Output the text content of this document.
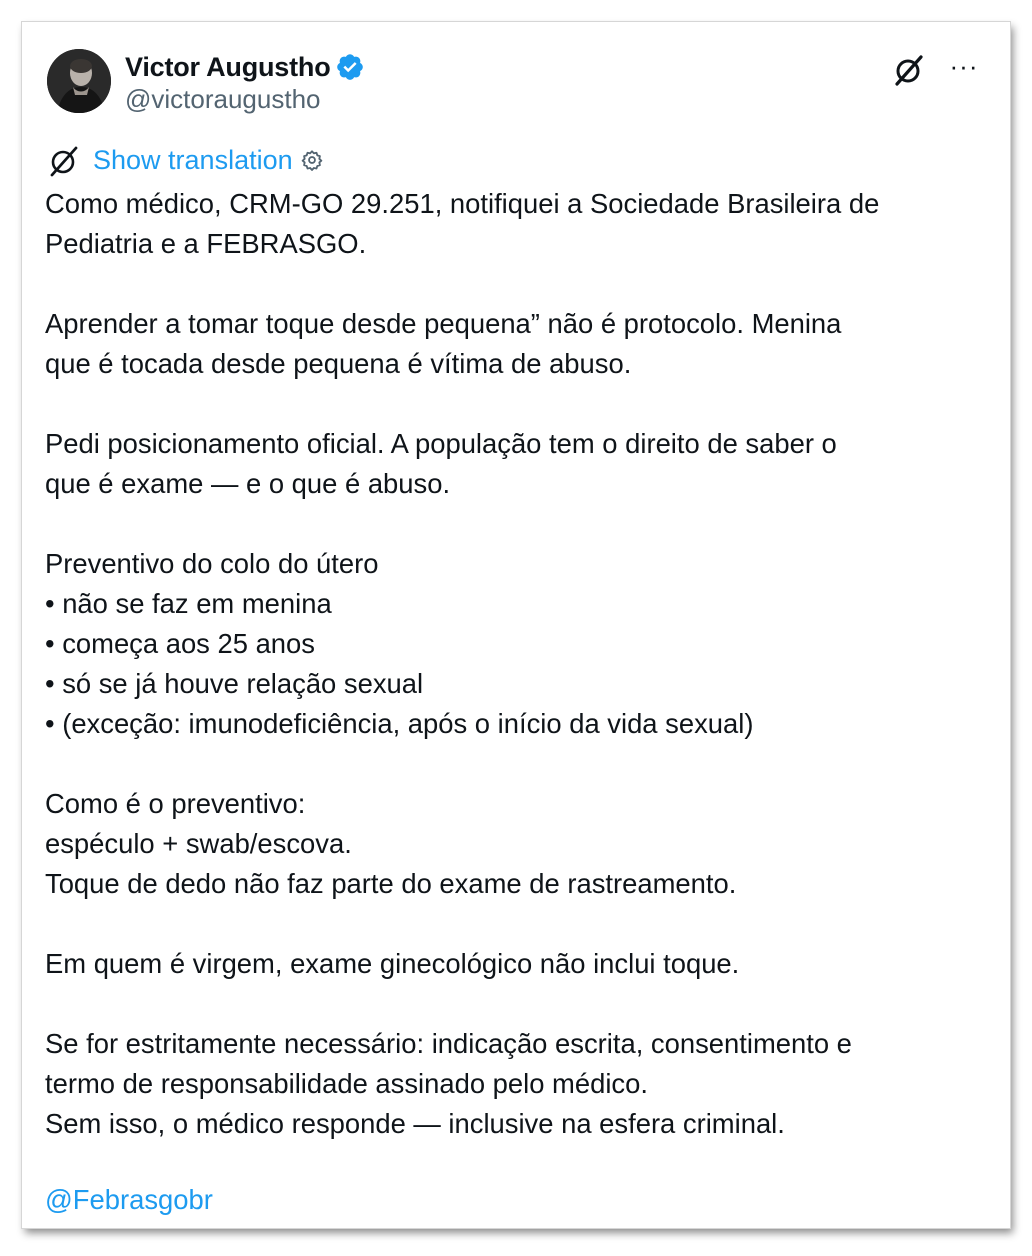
Victor Augustho
@victoraugustho
···
Show translation
Como médico, CRM-GO 29.251, notifiquei a Sociedade Brasileira de
Pediatria e a FEBRASGO.
Aprender a tomar toque desde pequena” não é protocolo. Menina
que é tocada desde pequena é vítima de abuso.
Pedi posicionamento oficial. A população tem o direito de saber o
que é exame — e o que é abuso.
Preventivo do colo do útero
• não se faz em menina
• começa aos 25 anos
• só se já houve relação sexual
• (exceção: imunodeficiência, após o início da vida sexual)
Como é o preventivo:
espéculo + swab/escova.
Toque de dedo não faz parte do exame de rastreamento.
Em quem é virgem, exame ginecológico não inclui toque.
Se for estritamente necessário: indicação escrita, consentimento e
termo de responsabilidade assinado pelo médico.
Sem isso, o médico responde — inclusive na esfera criminal.
@Febrasgobr
